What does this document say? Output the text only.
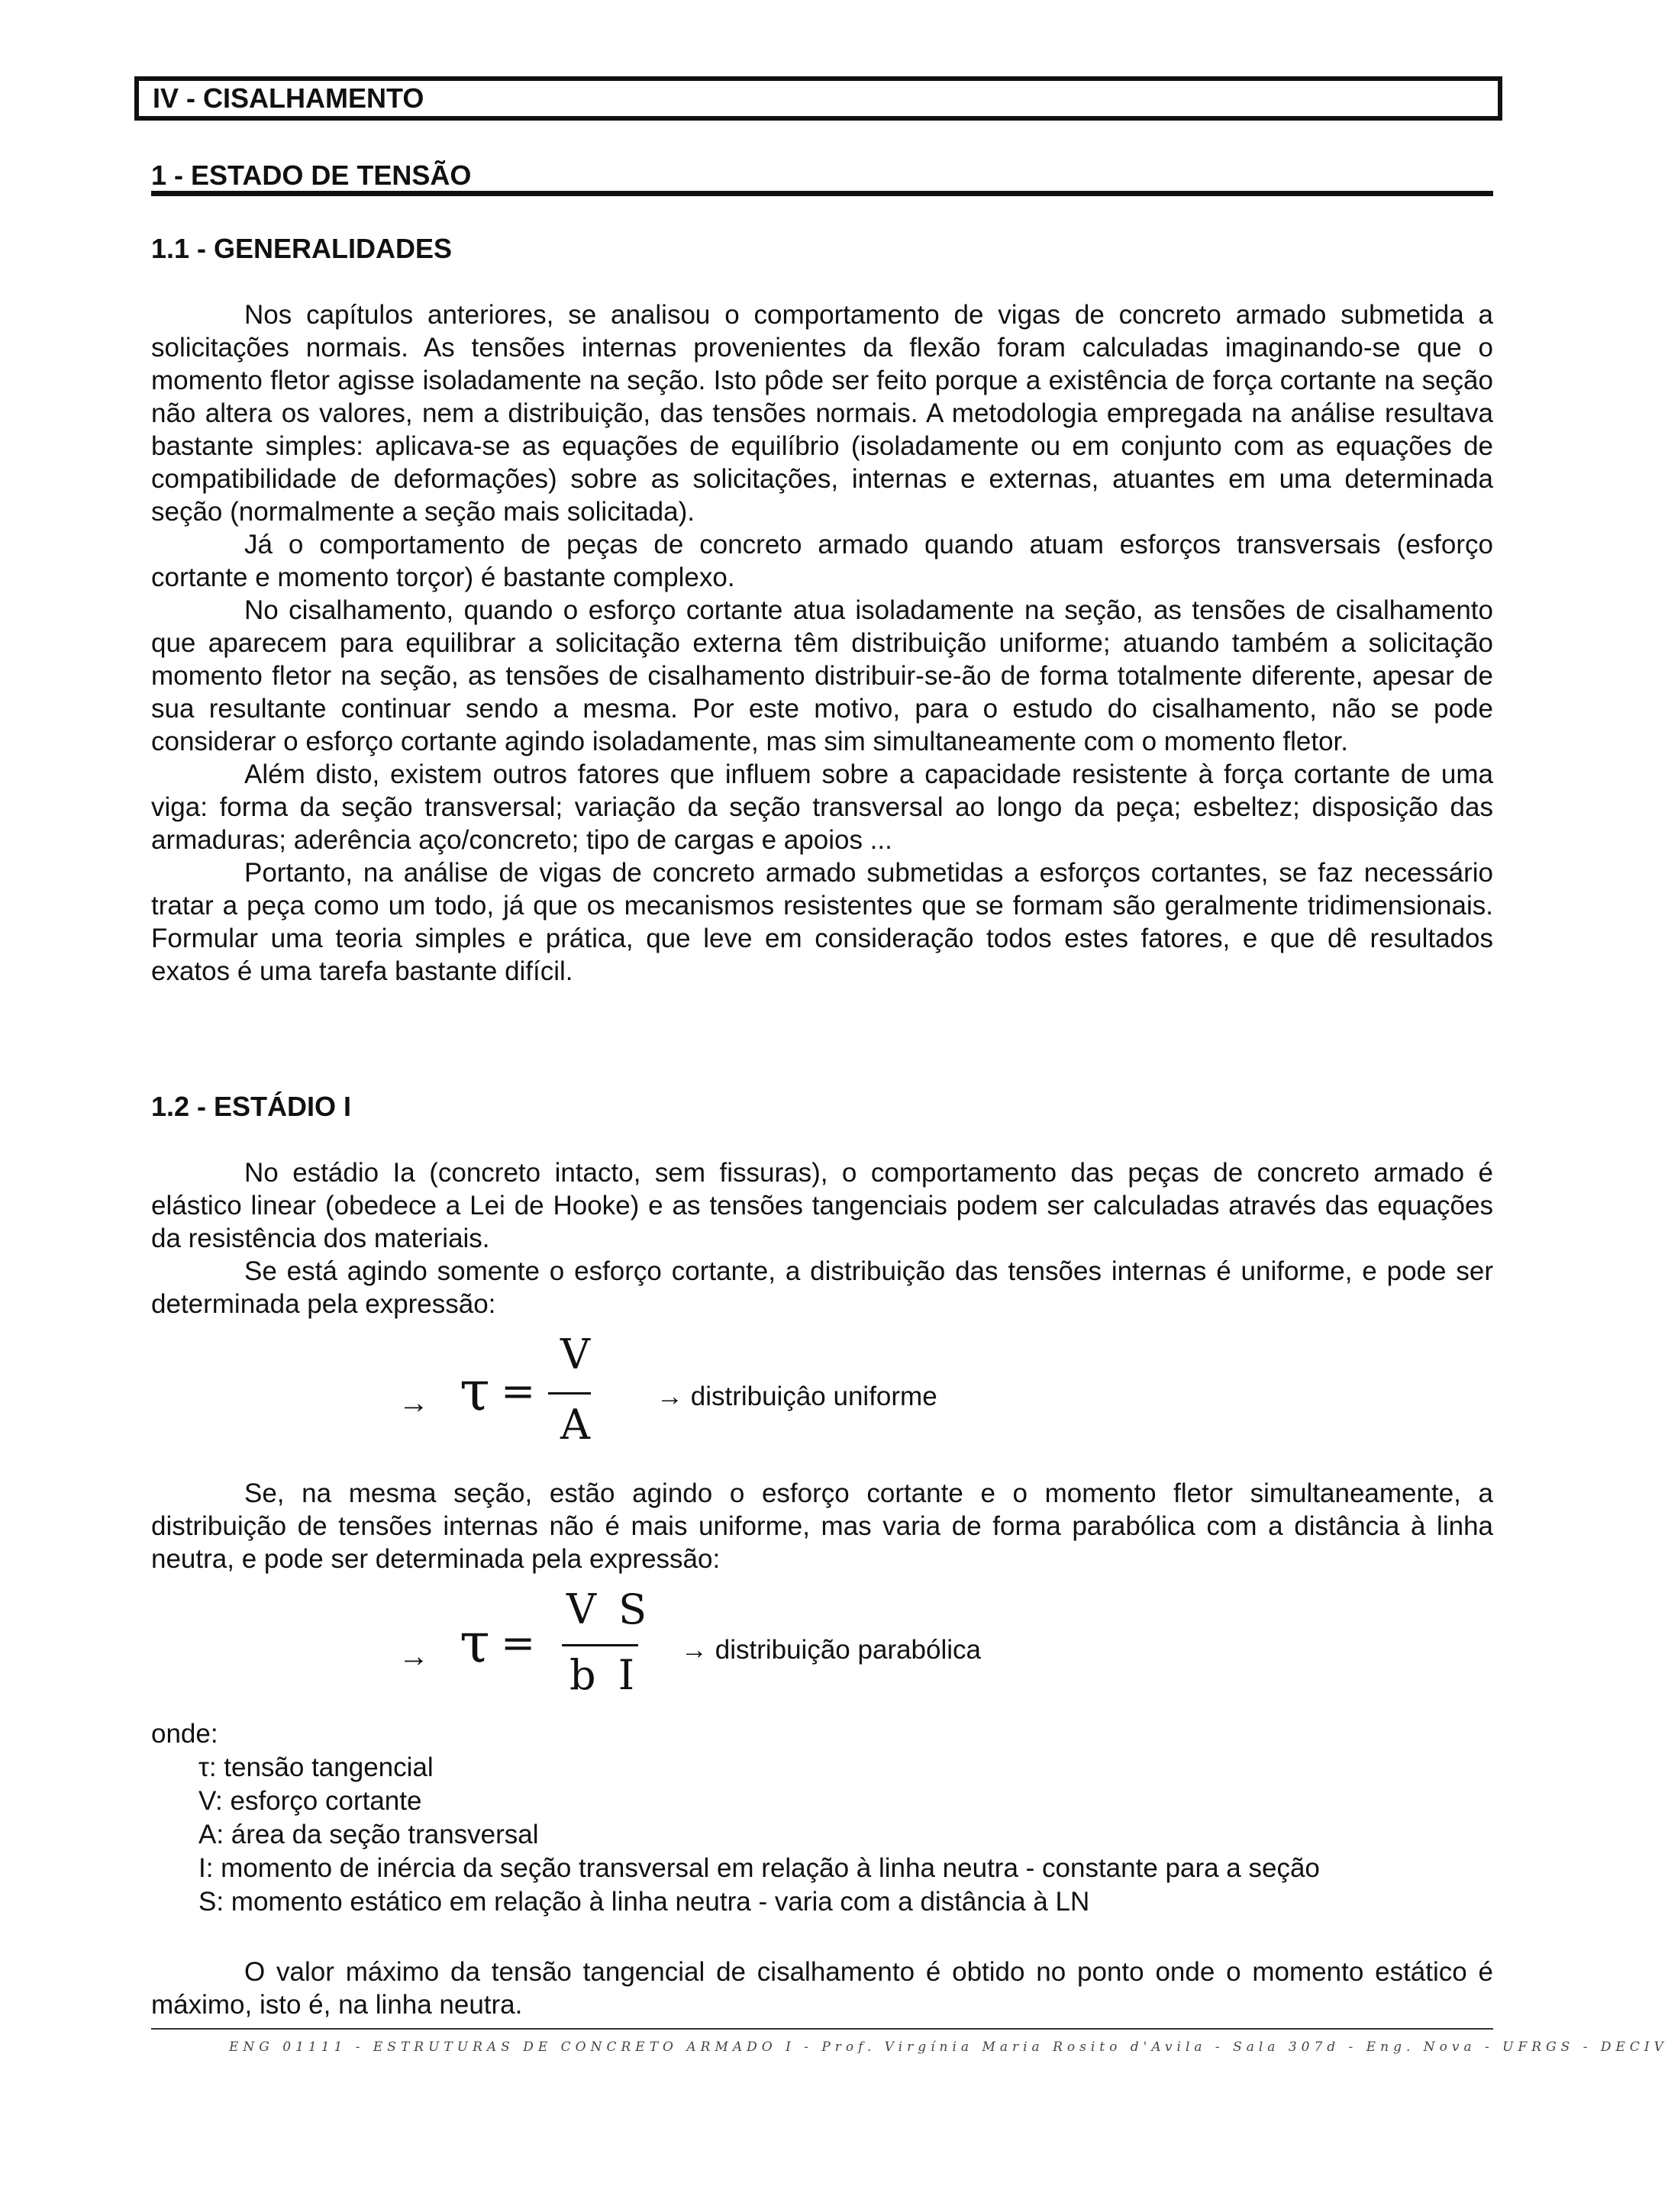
IV - CISALHAMENTO
1 - ESTADO DE TENSÃO
1.1 - GENERALIDADES

Nos capítulos anteriores, se analisou o comportamento de vigas de concreto armado submetida a solicitações normais. As tensões internas provenientes da flexão foram calculadas imaginando-se que o momento fletor agisse isoladamente na seção. Isto pôde ser feito porque a existência de força cortante na seção não altera os valores, nem a distribuição, das tensões normais. A metodologia empregada na análise resultava bastante simples: aplicava-se as equações de equilíbrio (isoladamente ou em conjunto com as equações de compatibilidade de deformações) sobre as solicitações, internas e externas, atuantes em uma determinada seção (normalmente a seção mais solicitada).

Já o comportamento de peças de concreto armado quando atuam esforços transversais (esforço cortante e momento torçor) é bastante complexo.

No cisalhamento, quando o esforço cortante atua isoladamente na seção, as tensões de cisalhamento que aparecem para equilibrar a solicitação externa têm distribuição uniforme; atuando também a solicitação momento fletor na seção, as tensões de cisalhamento distribuir-se-ão de forma totalmente diferente, apesar de sua resultante continuar sendo a mesma. Por este motivo, para o estudo do cisalhamento, não se pode considerar o esforço cortante agindo isoladamente, mas sim simultaneamente com o momento fletor.

Além disto, existem outros fatores que influem sobre a capacidade resistente à força cortante de uma viga: forma da seção transversal; variação da seção transversal ao longo da peça; esbeltez; disposição das armaduras; aderência aço/concreto; tipo de cargas e apoios ...

Portanto, na análise de vigas de concreto armado submetidas a esforços cortantes, se faz necessário tratar a peça como um todo, já que os mecanismos resistentes que se formam são geralmente tridimensionais. Formular uma teoria simples e prática, que leve em consideração todos estes fatores, e que dê resultados exatos é uma tarefa bastante difícil.

1.2 - ESTÁDIO I

No estádio Ia (concreto intacto, sem fissuras), o comportamento das peças de concreto armado é elástico linear (obedece a Lei de Hooke) e as tensões tangenciais podem ser calculadas através das equações da resistência dos materiais.

Se está agindo somente o esforço cortante, a distribuição das tensões internas é uniforme, e pode ser determinada pela expressão:

→ τ =
V
A
→ distribuiçâo uniforme

Se, na mesma seção, estão agindo o esforço cortante e o momento fletor simultaneamente, a distribuição de tensões internas não é mais uniforme, mas varia de forma parabólica com a distância à linha neutra, e pode ser determinada pela expressão:

→ τ =
V S
b I
→ distribuição parabólica

onde:

τ: tensão tangencial
V: esforço cortante
A: área da seção transversal
I: momento de inércia da seção transversal em relação à linha neutra - constante para a seção
S: momento estático em relação à linha neutra - varia com a distância à LN

O valor máximo da tensão tangencial de cisalhamento é obtido no ponto onde o momento estático é máximo, isto é, na linha neutra.

ENG 01111 - ESTRUTURAS DE CONCRETO ARMADO I - Prof. Virgínia Maria Rosito d'Avila - Sala 307d - Eng. Nova - UFRGS - DECIV
